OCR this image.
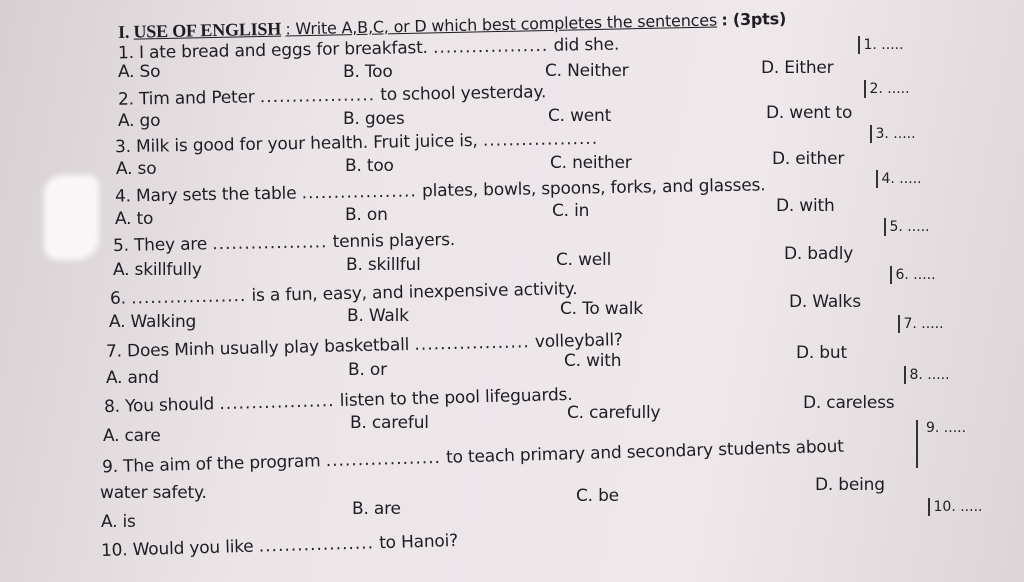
I. USE OF ENGLISH : Write A,B,C, or D which best completes the sentences : (3pts)
1. I ate bread and eggs for breakfast. .................. did she.
A. So	B. Too	C. Neither	D. Either
1. .....
2. Tim and Peter .................. to school yesterday.
A. go	B. goes	C. went	D. went to
2. .....
3. Milk is good for your health. Fruit juice is, ..................
A. so	B. too	C. neither	D. either
3. .....
4. Mary sets the table .................. plates, bowls, spoons, forks, and glasses.
A. to	B. on	C. in	D. with
4. .....
5. They are .................. tennis players.
A. skillfully	B. skillful	C. well	D. badly
5. .....
6. .................. is a fun, easy, and inexpensive activity.
A. Walking	B. Walk	C. To walk	D. Walks
6. .....
7. Does Minh usually play basketball .................. volleyball?
A. and	B. or	C. with	D. but
7. .....
8. You should .................. listen to the pool lifeguards.
A. care
B. careful	C. carefully	D. careless
8. .....
9. The aim of the program .................. to teach primary and secondary students about
water safety.
A. is
B. are
C. be
D. being
9. .....
10. Would you like .................. to Hanoi?
10. .....
